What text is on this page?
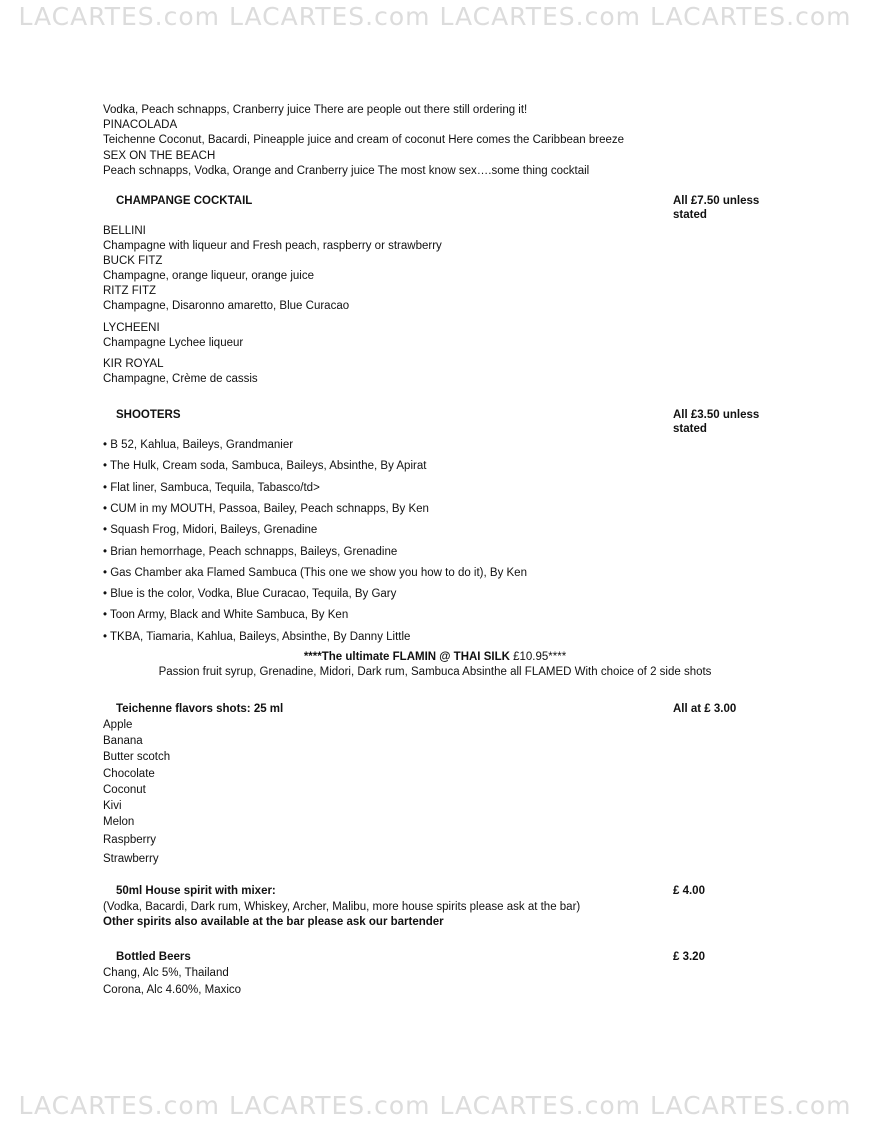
LACARTES.com LACARTES.com LACARTES.com LACARTES.com
Vodka, Peach schnapps, Cranberry juice There are people out there still ordering it!
PINACOLADA
Teichenne Coconut, Bacardi, Pineapple juice and cream of coconut Here comes the Caribbean breeze
SEX ON THE BEACH
Peach schnapps, Vodka, Orange and Cranberry juice The most know sex….some thing cocktail
CHAMPANGE COCKTAIL	All £7.50 unless stated
BELLINI
Champagne with liqueur and Fresh peach, raspberry or strawberry
BUCK FITZ
Champagne, orange liqueur, orange juice
RITZ FITZ
Champagne, Disaronno amaretto, Blue Curacao
LYCHEENI
Champagne Lychee liqueur
KIR ROYAL
Champagne, Crème de cassis
SHOOTERS	All £3.50 unless stated
• B 52, Kahlua, Baileys, Grandmanier
• The Hulk, Cream soda, Sambuca, Baileys, Absinthe, By Apirat
• Flat liner, Sambuca, Tequila, Tabasco/td>
• CUM in my MOUTH, Passoa, Bailey, Peach schnapps, By Ken
• Squash Frog, Midori, Baileys, Grenadine
• Brian hemorrhage, Peach schnapps, Baileys, Grenadine
• Gas Chamber aka Flamed Sambuca (This one we show you how to do it), By Ken
• Blue is the color, Vodka, Blue Curacao, Tequila, By Gary
• Toon Army, Black and White Sambuca, By Ken
• TKBA, Tiamaria, Kahlua, Baileys, Absinthe, By Danny Little
****The ultimate FLAMIN @ THAI SILK £10.95****
Passion fruit syrup, Grenadine, Midori, Dark rum, Sambuca Absinthe all FLAMED With choice of 2 side shots
Teichenne flavors shots: 25 ml	All at £ 3.00
Apple
Banana
Butter scotch
Chocolate
Coconut
Kivi
Melon
Raspberry
Strawberry
50ml House spirit with mixer:	£ 4.00
(Vodka, Bacardi, Dark rum, Whiskey, Archer, Malibu, more house spirits please ask at the bar)
Other spirits also available at the bar please ask our bartender
Bottled Beers	£ 3.20
Chang, Alc 5%, Thailand
Corona, Alc 4.60%, Maxico
LACARTES.com LACARTES.com LACARTES.com LACARTES.com
